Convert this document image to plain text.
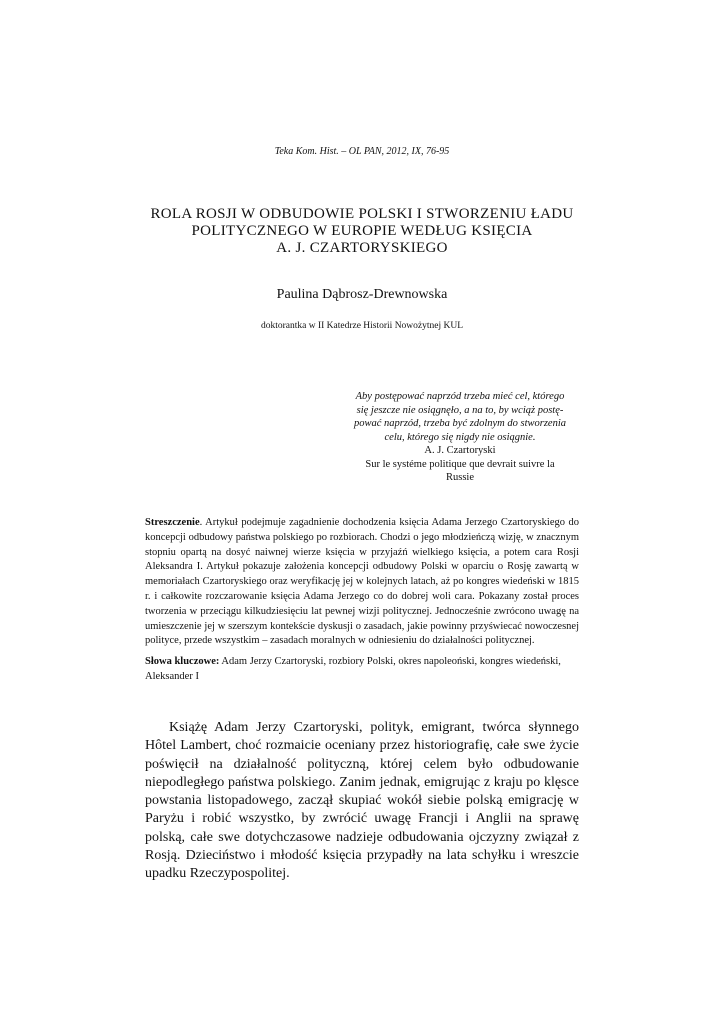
Teka Kom. Hist. – OL PAN, 2012, IX, 76-95
ROLA ROSJI W ODBUDOWIE POLSKI I STWORZENIU ŁADU
POLITYCZNEGO W EUROPIE WEDŁUG KSIĘCIA
A. J. CZARTORYSKIEGO
Paulina Dąbrosz-Drewnowska
doktorantka w II Katedrze Historii Nowożytnej KUL
Aby postępować naprzód trzeba mieć cel, którego
się jeszcze nie osiągnęło, a na to, by wciąż postę-
pować naprzód, trzeba być zdolnym do stworzenia
celu, którego się nigdy nie osiągnie.
A. J. Czartoryski
Sur le systéme politique que devrait suivre la
Russie

Streszczenie. Artykuł podejmuje zagadnienie dochodzenia księcia Adama Jerzego Czartoryskiego do koncepcji odbudowy państwa polskiego po rozbiorach. Chodzi o jego młodzieńczą wizję, w znacznym stopniu opartą na dosyć naiwnej wierze księcia w przyjaźń wielkiego księcia, a potem cara Rosji Aleksandra I. Artykuł pokazuje założenia koncepcji odbudowy Polski w oparciu o Rosję zawartą w memoriałach Czartoryskiego oraz weryfikację jej w kolejnych latach, aż po kongres wiedeński w 1815 r. i całkowite rozczarowanie księcia Adama Jerzego co do dobrej woli cara. Pokazany został proces tworzenia w przeciągu kilkudziesięciu lat pewnej wizji politycznej. Jednocześnie zwrócono uwagę na umieszczenie jej w szerszym kontekście dyskusji o zasadach, jakie powinny przyświecać nowoczesnej polityce, przede wszystkim – zasadach moralnych w odniesieniu do działalności politycznej.

Słowa kluczowe: Adam Jerzy Czartoryski, rozbiory Polski, okres napoleoński, kongres wiedeński, Aleksander I

Książę Adam Jerzy Czartoryski, polityk, emigrant, twórca słynnego Hôtel Lambert, choć rozmaicie oceniany przez historiografię, całe swe życie poświęcił na działalność polityczną, której celem było odbudowanie niepodległego państwa polskiego. Zanim jednak, emigrując z kraju po klęsce powstania listopadowego, zaczął skupiać wokół siebie polską emigrację w Paryżu i robić wszystko, by zwrócić uwagę Francji i Anglii na sprawę polską, całe swe dotychczasowe nadzieje odbudowania ojczyzny związał z Rosją. Dzieciństwo i młodość księcia przypadły na lata schyłku i wreszcie upadku Rzeczypospolitej.
